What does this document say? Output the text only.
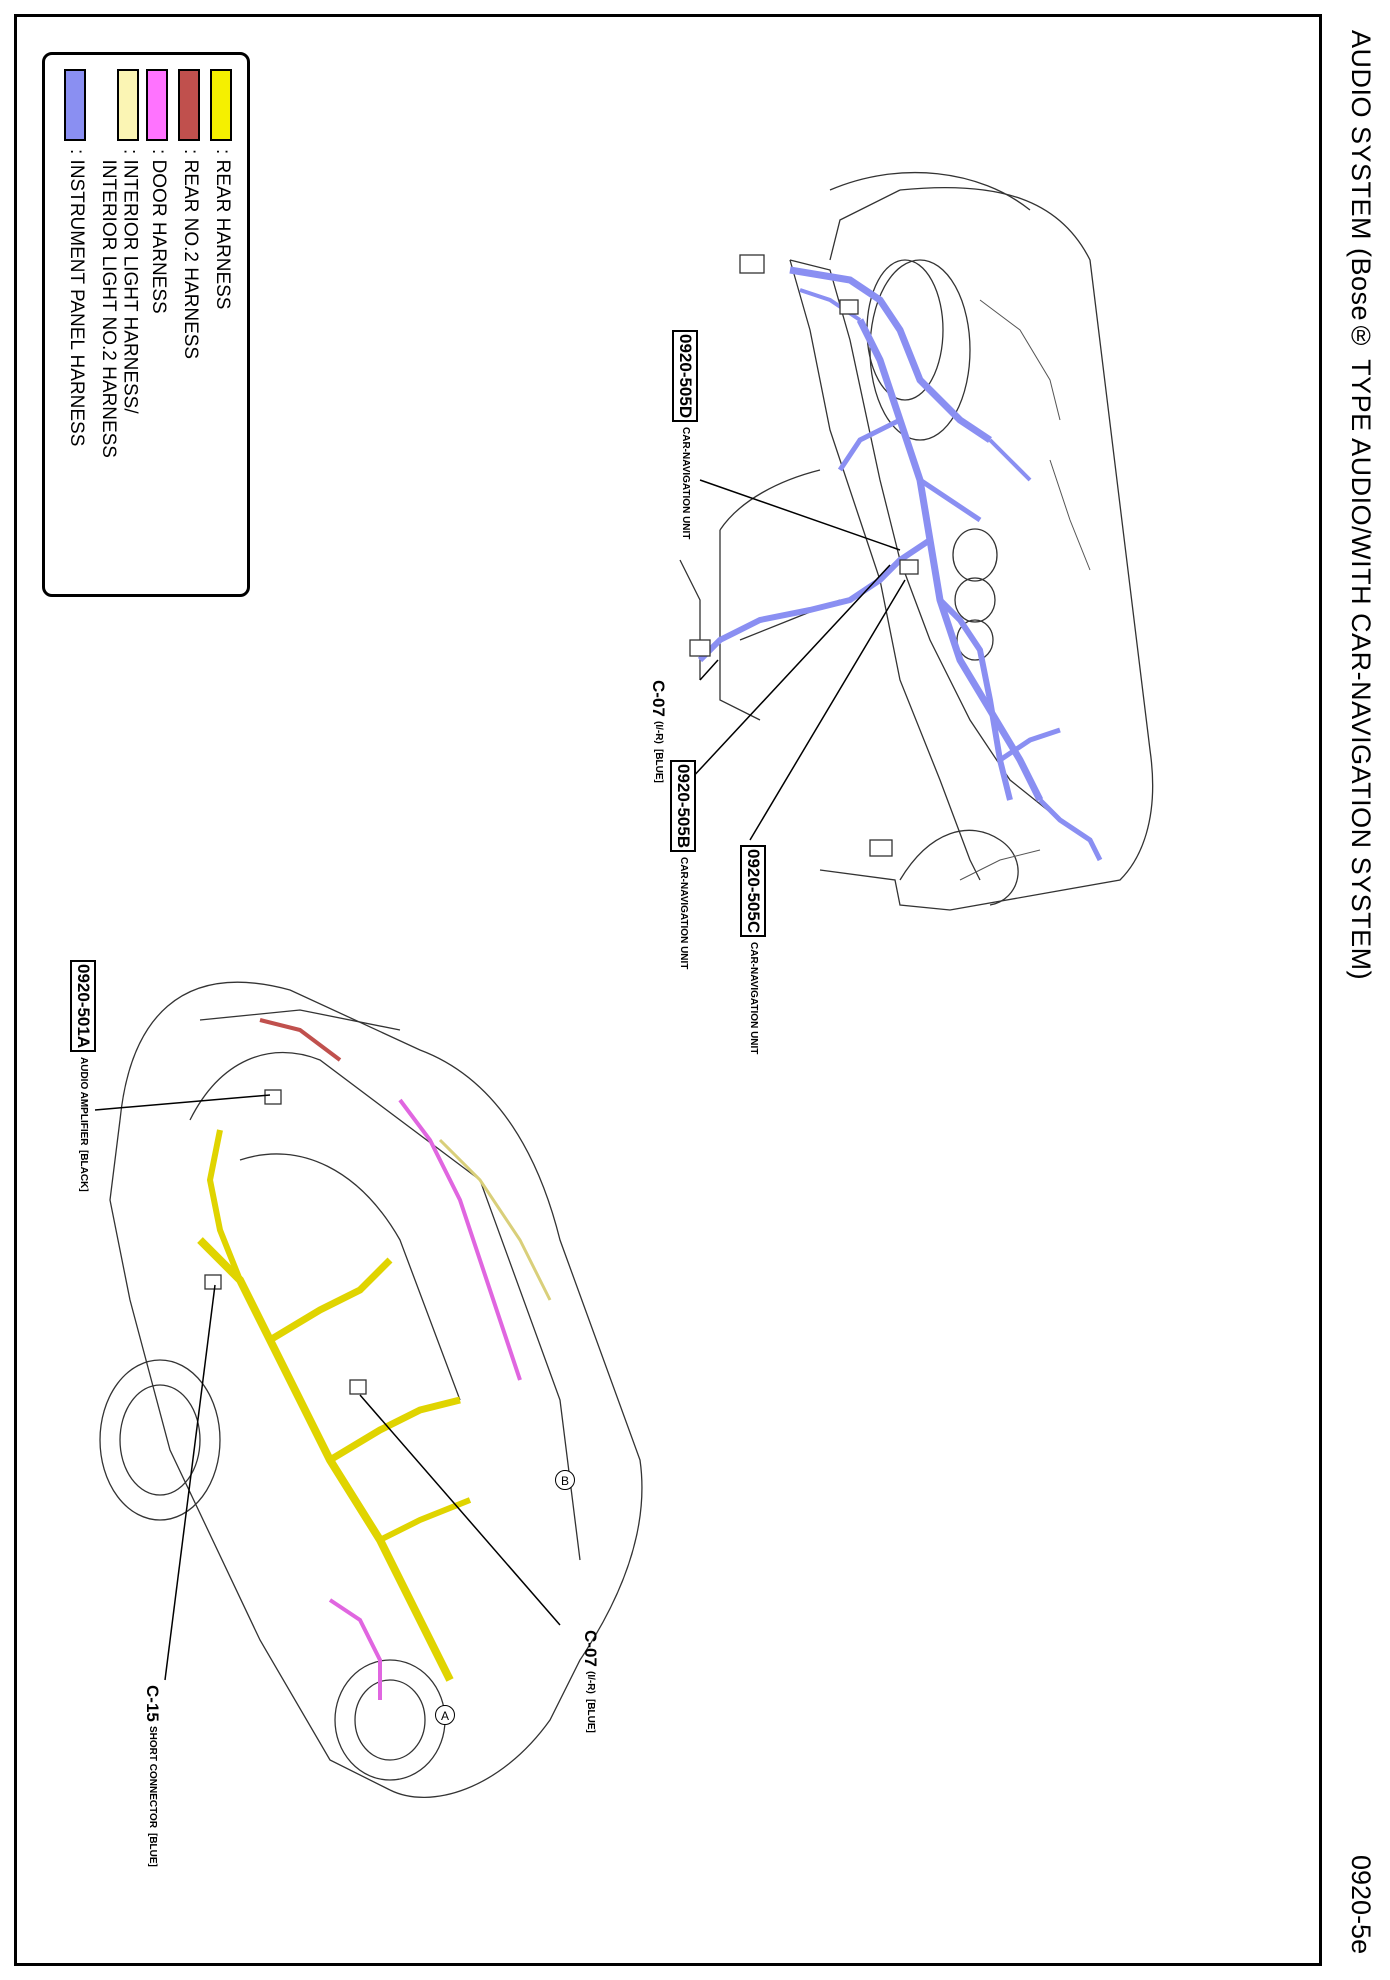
AUDIO SYSTEM (Bose® TYPE AUDIO/WITH CAR-NAVIGATION SYSTEM)
0920-5e
: REAR HARNESS
: REAR NO.2 HARNESS
: DOOR HARNESS
: INTERIOR LIGHT HARNESS/
INTERIOR LIGHT NO.2 HARNESS
: INSTRUMENT PANEL HARNESS	0920-505D CAR-NAVIGATION UNIT
0920-505B CAR-NAVIGATION UNIT	0920-505C CAR-NAVIGATION UNIT
C-07 (I/-R) [BLUE]
0920-501A AUDIO AMPLIFIER [BLACK]
C-15 SHORT CONNECTOR [BLUE]
C-07 (I/-R) [BLUE]
A
B
